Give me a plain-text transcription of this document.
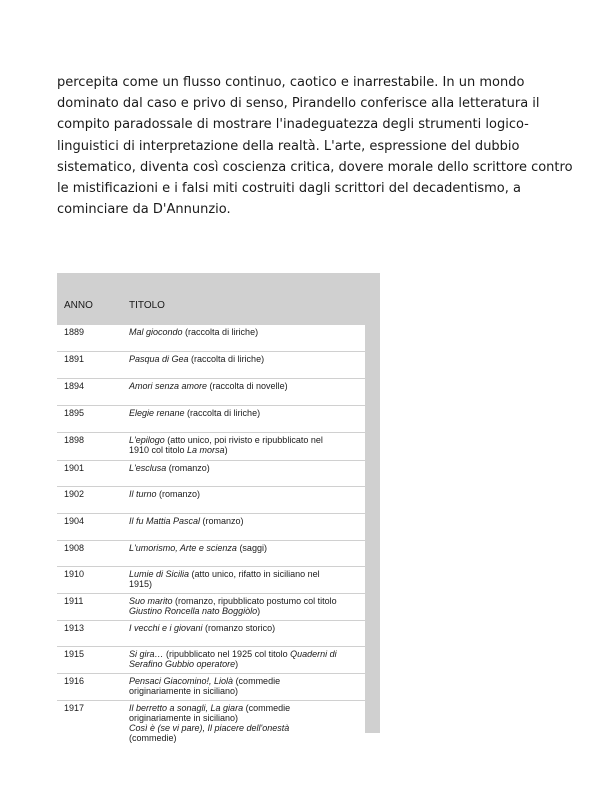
percepita come un flusso continuo, caotico e inarrestabile. In un mondo
dominato dal caso e privo di senso, Pirandello conferisce alla letteratura il
compito paradossale di mostrare l'inadeguatezza degli strumenti logico-
linguistici di interpretazione della realtà. L'arte, espressione del dubbio
sistematico, diventa così coscienza critica, dovere morale dello scrittore contro
le mistificazioni e i falsi miti costruiti dagli scrittori del decadentismo, a
cominciare da D'Annunzio.

ANNO	TITOLO
1889	Mal giocondo (raccolta di liriche)
1891	Pasqua di Gea (raccolta di liriche)
1894	Amori senza amore (raccolta di novelle)
1895	Elegie renane (raccolta di liriche)
1898	L'epilogo (atto unico, poi rivisto e ripubblicato nel
1910 col titolo La morsa)
1901	L'esclusa (romanzo)
1902	Il turno (romanzo)
1904	Il fu Mattia Pascal (romanzo)
1908	L'umorismo, Arte e scienza (saggi)
1910	Lumie di Sicilia (atto unico, rifatto in siciliano nel
1915)
1911	Suo marito (romanzo, ripubblicato postumo col titolo
Giustino Roncella nato Boggiòlo)
1913	I vecchi e i giovani (romanzo storico)
1915	Si gira… (ripubblicato nel 1925 col titolo Quaderni di
Serafino Gubbio operatore)
1916	Pensaci Giacomino!, Liolà (commedie
originariamente in siciliano)
1917	Il berretto a sonagli, La giara (commedie
originariamente in siciliano)
Così è (se vi pare), Il piacere dell'onestà
(commedie)
